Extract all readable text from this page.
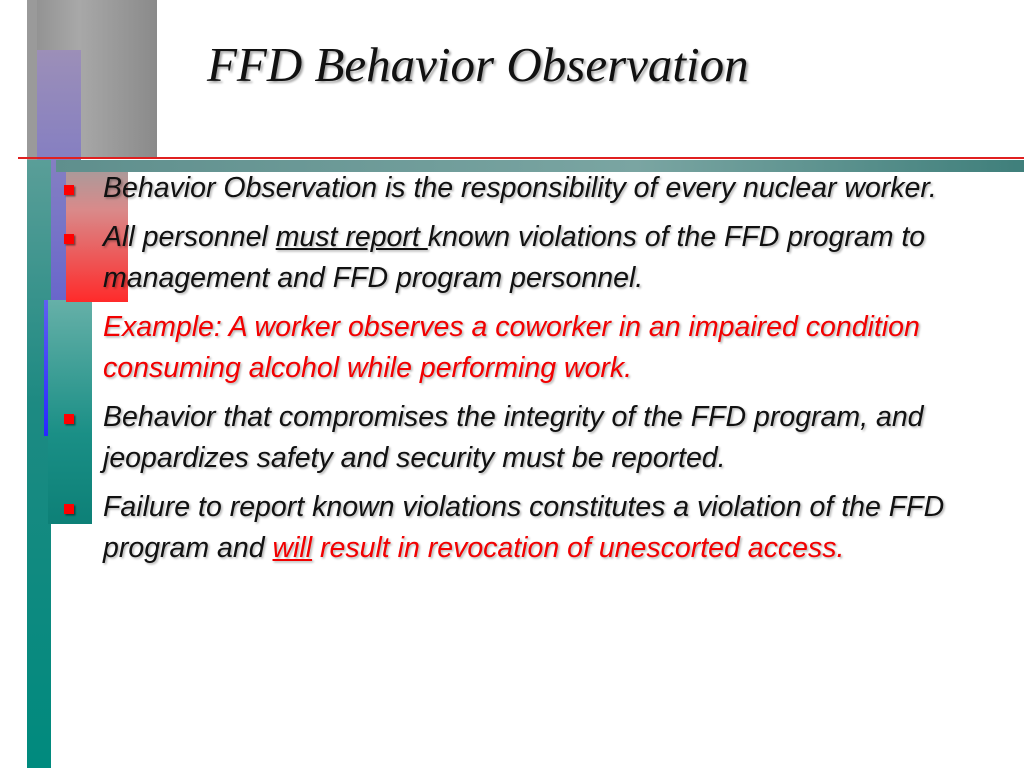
FFD Behavior Observation
Behavior Observation is the responsibility of every nuclear worker.
All personnel must report known violations of the FFD program to management and FFD program personnel.
Example: A worker observes a coworker in an impaired condition consuming alcohol while performing work.
Behavior that compromises the integrity of the FFD program, and jeopardizes safety and security must be reported.
Failure to report known violations constitutes a violation of the FFD program and will result in revocation of unescorted access.
